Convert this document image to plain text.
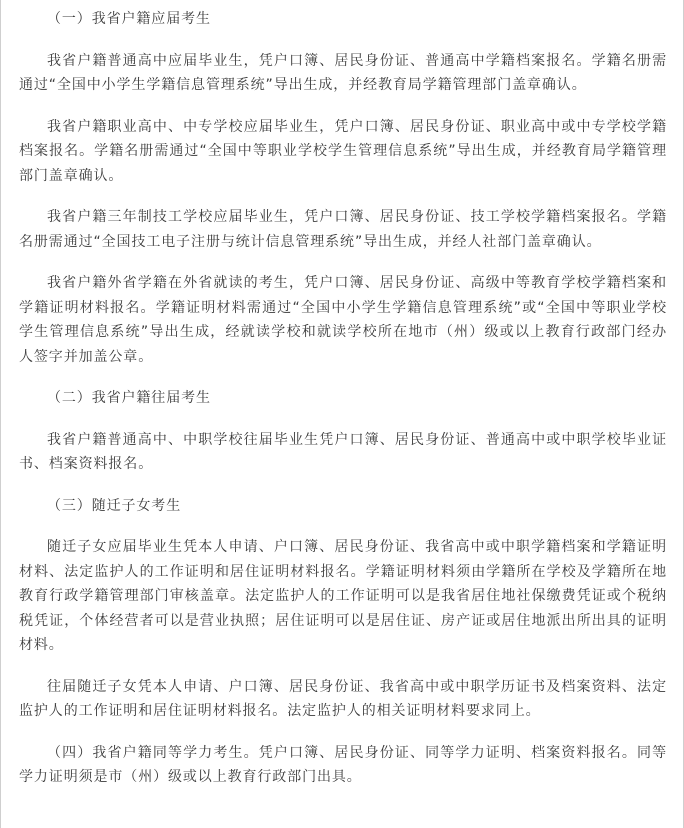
（一）我省户籍应届考生

我省户籍普通高中应届毕业生，凭户口簿、居民身份证、普通高中学籍档案报名。学籍名册需通过“全国中小学生学籍信息管理系统”导出生成，并经教育局学籍管理部门盖章确认。

我省户籍职业高中、中专学校应届毕业生，凭户口簿、居民身份证、职业高中或中专学校学籍档案报名。学籍名册需通过“全国中等职业学校学生管理信息系统”导出生成，并经教育局学籍管理部门盖章确认。

我省户籍三年制技工学校应届毕业生，凭户口簿、居民身份证、技工学校学籍档案报名。学籍名册需通过“全国技工电子注册与统计信息管理系统”导出生成，并经人社部门盖章确认。

我省户籍外省学籍在外省就读的考生，凭户口簿、居民身份证、高级中等教育学校学籍档案和学籍证明材料报名。学籍证明材料需通过“全国中小学生学籍信息管理系统”或“全国中等职业学校学生管理信息系统”导出生成，经就读学校和就读学校所在地市（州）级或以上教育行政部门经办人签字并加盖公章。

（二）我省户籍往届考生

我省户籍普通高中、中职学校往届毕业生凭户口簿、居民身份证、普通高中或中职学校毕业证书、档案资料报名。

（三）随迁子女考生

随迁子女应届毕业生凭本人申请、户口簿、居民身份证、我省高中或中职学籍档案和学籍证明材料、法定监护人的工作证明和居住证明材料报名。学籍证明材料须由学籍所在学校及学籍所在地教育行政学籍管理部门审核盖章。法定监护人的工作证明可以是我省居住地社保缴费凭证或个税纳税凭证，个体经营者可以是营业执照；居住证明可以是居住证、房产证或居住地派出所出具的证明材料。

往届随迁子女凭本人申请、户口簿、居民身份证、我省高中或中职学历证书及档案资料、法定监护人的工作证明和居住证明材料报名。法定监护人的相关证明材料要求同上。

（四）我省户籍同等学力考生。凭户口簿、居民身份证、同等学力证明、档案资料报名。同等学力证明须是市（州）级或以上教育行政部门出具。
